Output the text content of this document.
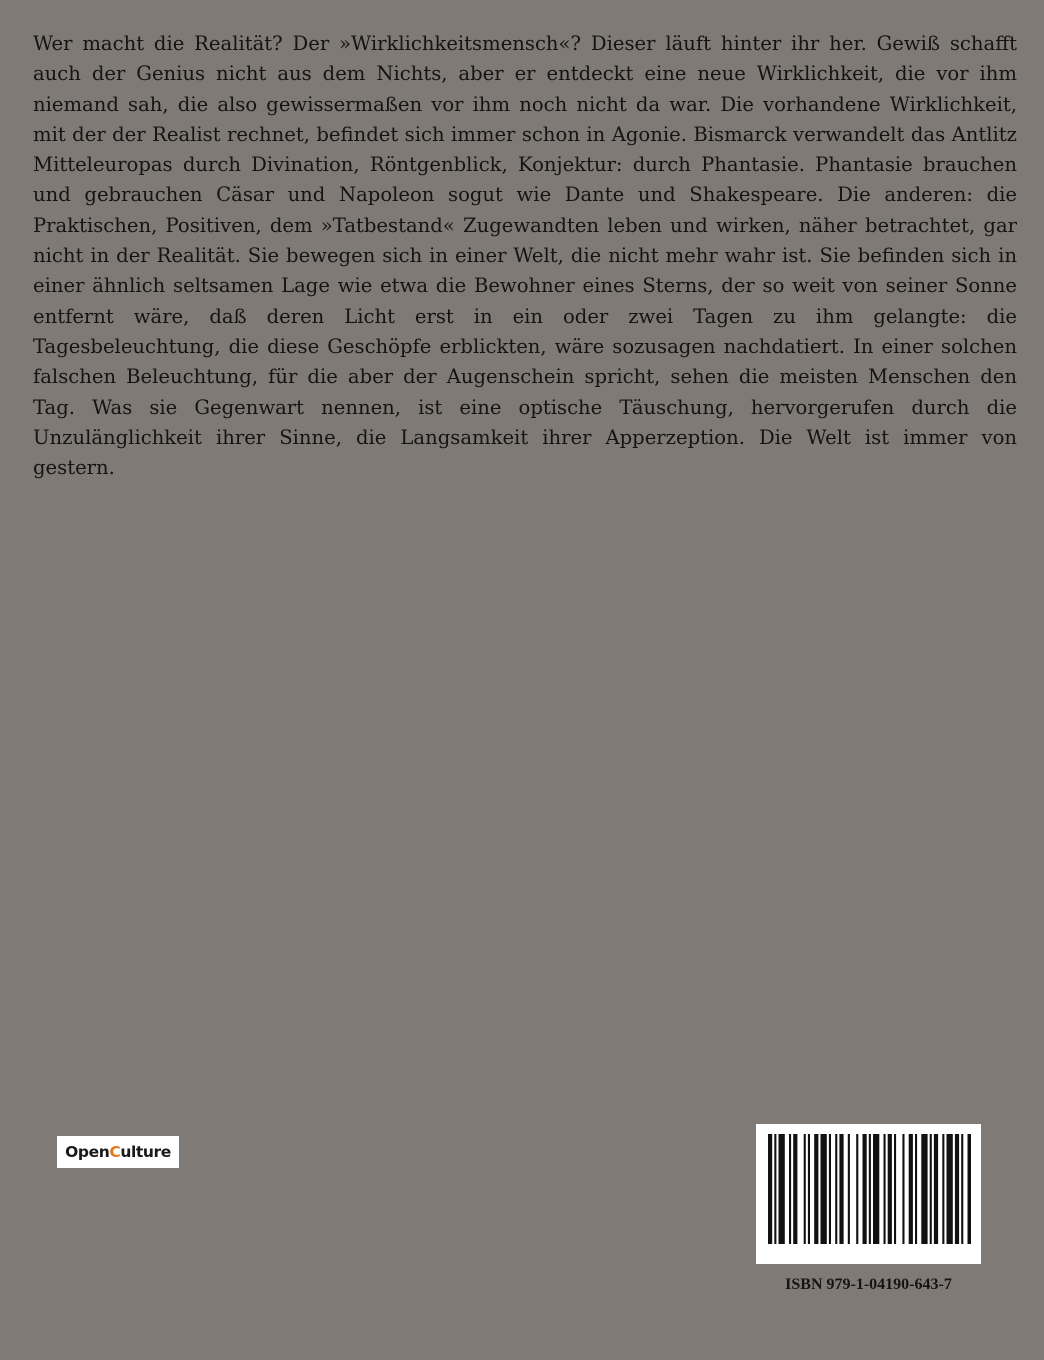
Wer macht die Realität? Der »Wirklichkeitsmensch«? Dieser läuft hinter ihr her. Gewiß schafft auch der Genius nicht aus dem Nichts, aber er entdeckt eine neue Wirklichkeit, die vor ihm niemand sah, die also gewissermaßen vor ihm noch nicht da war. Die vorhandene Wirklichkeit, mit der der Realist rechnet, befindet sich immer schon in Agonie. Bismarck verwandelt das Antlitz Mitteleuropas durch Divination, Röntgenblick, Konjektur: durch Phantasie. Phantasie brauchen und gebrauchen Cäsar und Napoleon sogut wie Dante und Shakespeare. Die anderen: die Praktischen, Positiven, dem »Tatbestand« Zugewandten leben und wirken, näher betrachtet, gar nicht in der Realität. Sie bewegen sich in einer Welt, die nicht mehr wahr ist. Sie befinden sich in einer ähnlich seltsamen Lage wie etwa die Bewohner eines Sterns, der so weit von seiner Sonne entfernt wäre, daß deren Licht erst in ein oder zwei Tagen zu ihm gelangte: die Tagesbeleuchtung, die diese Geschöpfe erblickten, wäre sozusagen nachdatiert. In einer solchen falschen Beleuchtung, für die aber der Augenschein spricht, sehen die meisten Menschen den Tag. Was sie Gegenwart nennen, ist eine optische Täuschung, hervorgerufen durch die Unzulänglichkeit ihrer Sinne, die Langsamkeit ihrer Apperzeption. Die Welt ist immer von gestern.

OpenCulture

ISBN 979-1-04190-643-7
